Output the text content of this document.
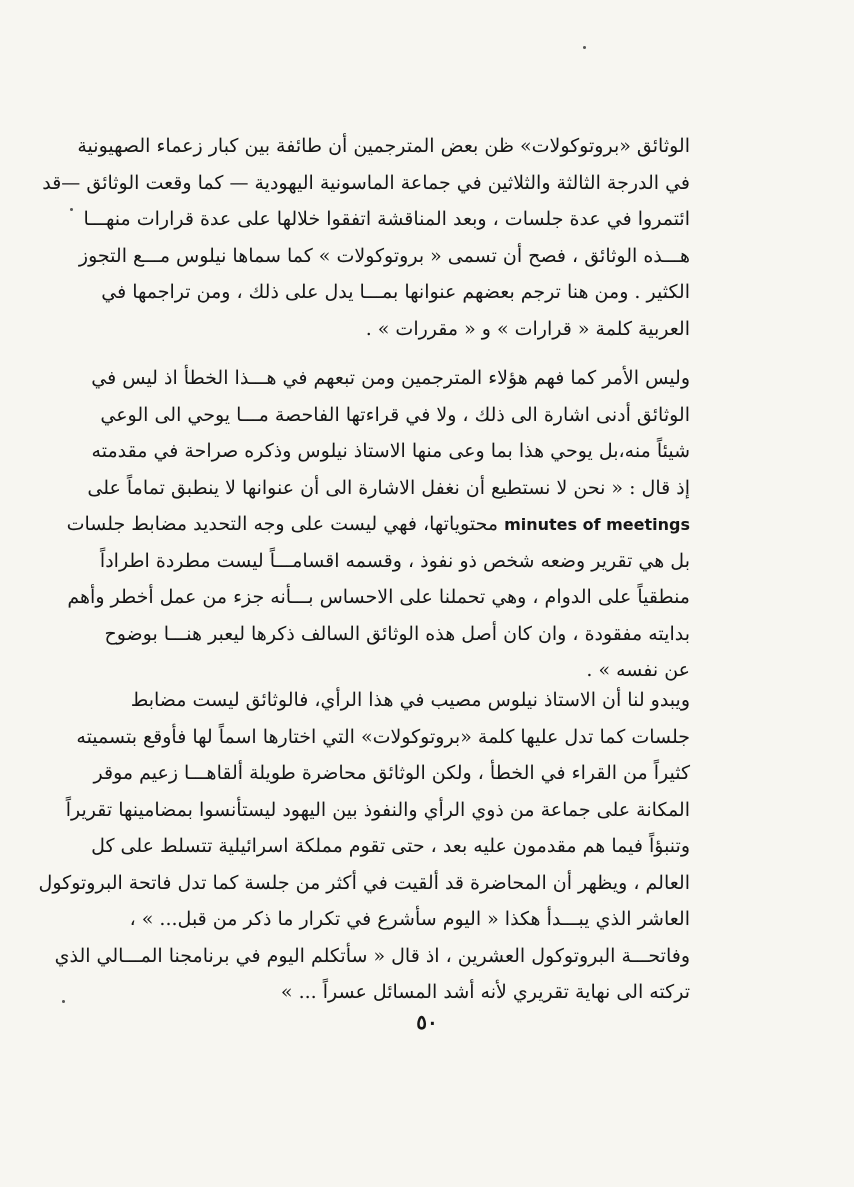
الوثائق «بروتوكولات» ظن بعض المترجمين أن طائفة بين كبار زعماء الصهيونية
في الدرجة الثالثة والثلاثين في جماعة الماسونية اليهودية — كما وقعت الوثائق —قد
ائتمروا في عدة جلسات ، وبعد المناقشة اتفقوا خلالها على عدة قرارات منهـــا
هـــذه الوثائق ، فصح أن تسمى « بروتوكولات » كما سماها نيلوس مـــع التجوز
الكثير . ومن هنا ترجم بعضهم عنوانها بمـــا يدل على ذلك ، ومن تراجمها في
العربية كلمة « قرارات » و « مقررات » .
وليس الأمر كما فهم هؤلاء المترجمين ومن تبعهم في هـــذا الخطأ اذ ليس في
الوثائق أدنى اشارة الى ذلك ، ولا في قراءتها الفاحصة مـــا يوحي الى الوعي
شيئاً منه،بل يوحي هذا بما وعى منها الاستاذ نيلوس وذكره صراحة في مقدمته
إذ قال : « نحن لا نستطيع أن نغفل الاشارة الى أن عنوانها لا ينطبق تماماً على
minutes of meetings محتوياتها، فهي ليست على وجه التحديد مضابط جلسات
بل هي تقرير وضعه شخص ذو نفوذ ، وقسمه اقسامـــاً ليست مطردة اطراداً
منطقياً على الدوام ، وهي تحملنا على الاحساس بـــأنه جزء من عمل أخطر وأهم
بدايته مفقودة ، وان كان أصل هذه الوثائق السالف ذكرها ليعبر هنـــا بوضوح
عن نفسه » .
ويبدو لنا أن الاستاذ نيلوس مصيب في هذا الرأي، فالوثائق ليست مضابط
جلسات كما تدل عليها كلمة «بروتوكولات» التي اختارها اسماً لها فأوقع بتسميته
كثيراً من القراء في الخطأ ، ولكن الوثائق محاضرة طويلة ألقاهـــا زعيم موقر
المكانة على جماعة من ذوي الرأي والنفوذ بين اليهود ليستأنسوا بمضامينها تقريراً
وتنبؤاً فيما هم مقدمون عليه بعد ، حتى تقوم مملكة اسرائيلية تتسلط على كل
العالم ، ويظهر أن المحاضرة قد ألقيت في أكثر من جلسة كما تدل فاتحة البروتوكول
العاشر الذي يبـــدأ هكذا « اليوم سأشرع في تكرار ما ذكر من قبل... » ،
وفاتحـــة البروتوكول العشرين ، اذ قال « سأتكلم اليوم في برنامجنا المـــالي الذي
تركته الى نهاية تقريري لأنه أشد المسائل عسراً ... »
٥٠
